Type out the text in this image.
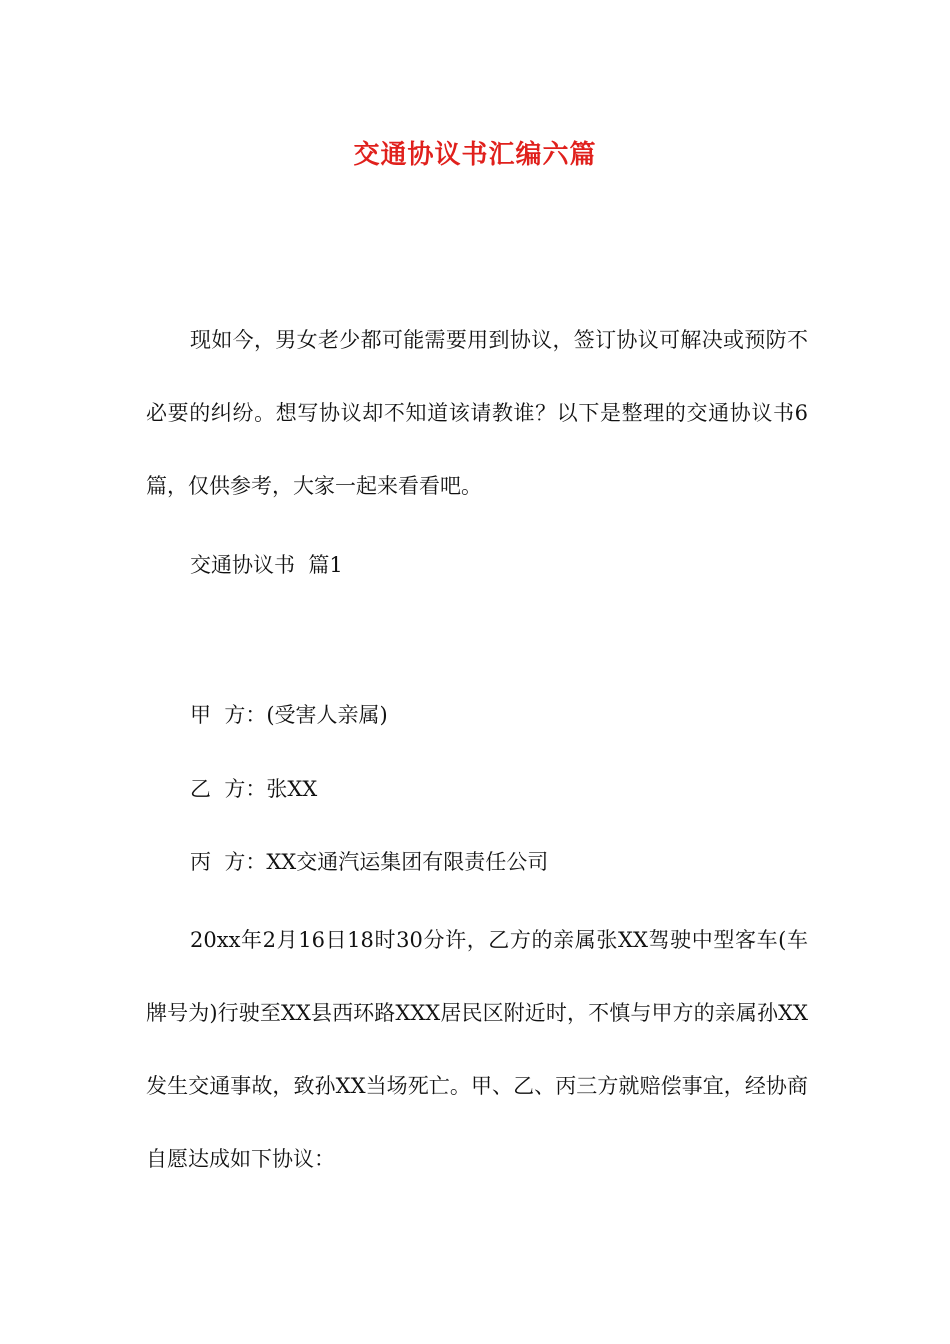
交通协议书汇编六篇

现如今，男女老少都可能需要用到协议，签订协议可解决或预防不必要的纠纷。想写协议却不知道该请教谁？以下是整理的交通协议书6篇，仅供参考，大家一起来看看吧。

交通协议书  篇1

甲  方：(受害人亲属)

乙  方：张XX

丙  方：XX交通汽运集团有限责任公司

20xx年2月16日18时30分许，乙方的亲属张XX驾驶中型客车(车牌号为)行驶至XX县西环路XXX居民区附近时，不慎与甲方的亲属孙XX发生交通事故，致孙XX当场死亡。甲、乙、丙三方就赔偿事宜，经协商自愿达成如下协议：
